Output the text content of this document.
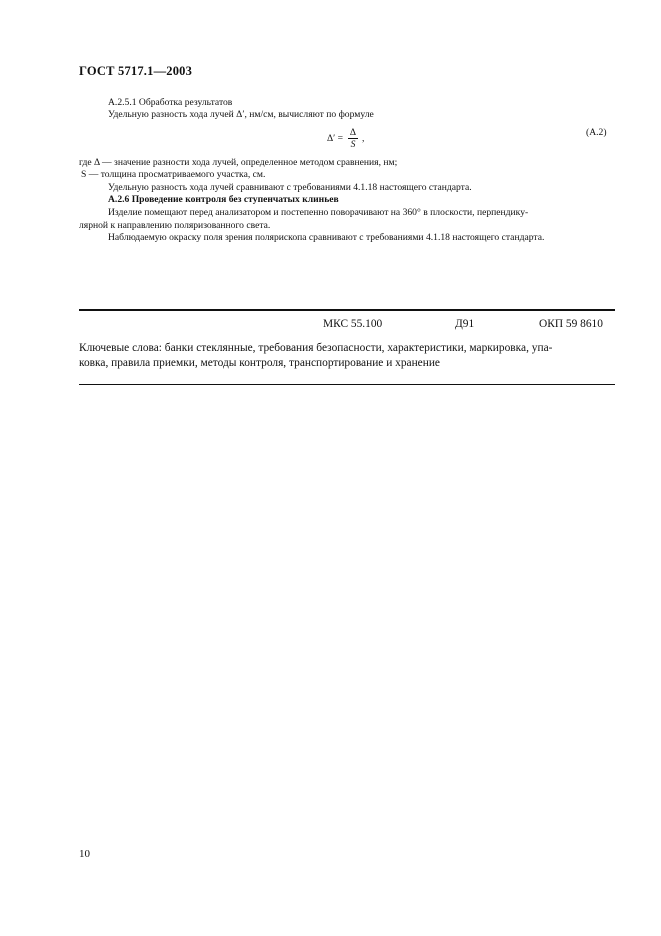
ГОСТ 5717.1—2003
А.2.5.1 Обработка результатов
Удельную разность хода лучей Δ′, нм/см, вычисляют по формуле
Δ′ =
Δ
S
,
(А.2)
где Δ — значение разности хода лучей, определенное методом сравнения, нм;
S — толщина просматриваемого участка, см.
Удельную разность хода лучей сравнивают с требованиями 4.1.18 настоящего стандарта.
А.2.6 Проведение контроля без ступенчатых клиньев
Изделие помещают перед анализатором и постепенно поворачивают на 360° в плоскости, перпендику-
лярной к направлению поляризованного света.
Наблюдаемую окраску поля зрения полярископа сравнивают с требованиями 4.1.18 настоящего стандарта.
МКС 55.100	Д91	ОКП 59 8610
Ключевые слова: банки стеклянные, требования безопасности, характеристики, маркировка, упа-
ковка, правила приемки, методы контроля, транспортирование и хранение
10
